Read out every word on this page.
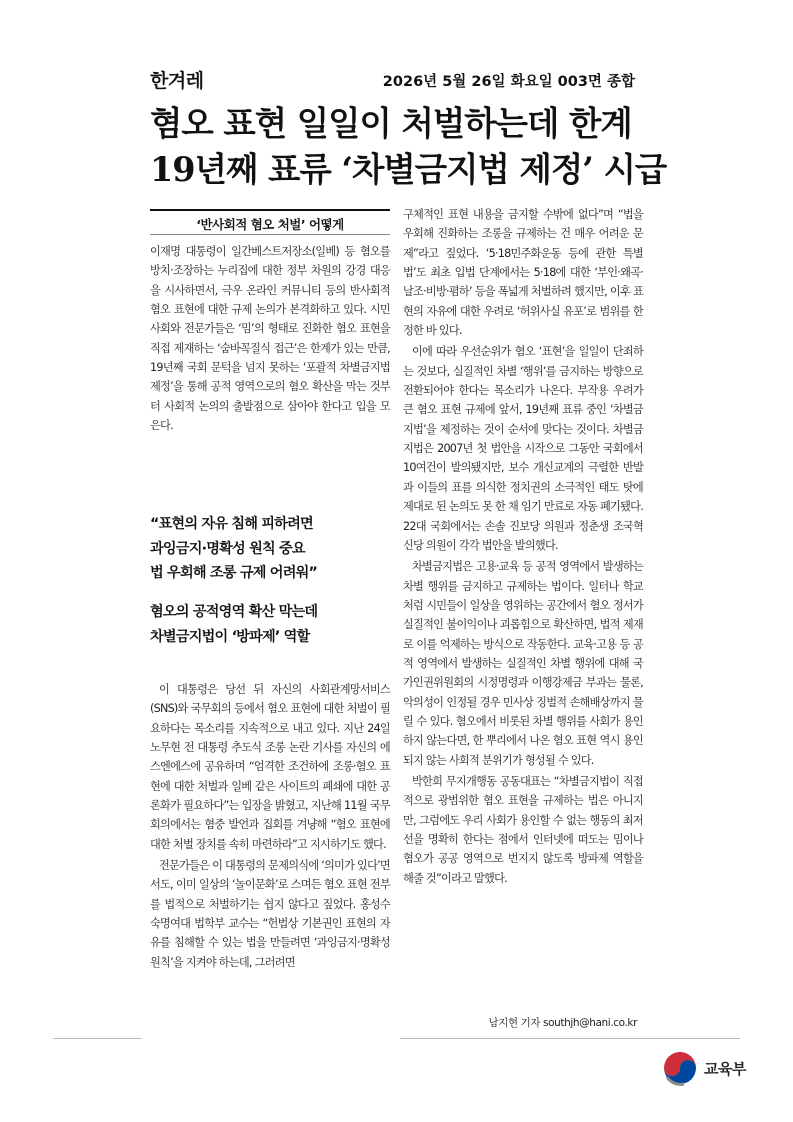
한겨레	2026년 5월 26일 화요일 003면 종합
혐오 표현 일일이 처벌하는데 한계
19년째 표류 ‘차별금지법 제정’ 시급
‘반사회적 혐오 처벌’ 어떻게

이재명 대통령이 일간베스트저장소(일베) 등 혐오를 방치·조장하는 누리집에 대한 정부 차원의 강경 대응을 시사하면서, 극우 온라인 커뮤니티 등의 반사회적 혐오 표현에 대한 규제 논의가 본격화하고 있다. 시민사회와 전문가들은 ‘밈’의 형태로 진화한 혐오 표현을 직접 제재하는 ‘숨바꼭질식 접근’은 한계가 있는 만큼, 19년째 국회 문턱을 넘지 못하는 ‘포괄적 차별금지법 제정’을 통해 공적 영역으로의 혐오 확산을 막는 것부터 사회적 논의의 출발점으로 삼아야 한다고 입을 모은다.

“표현의 자유 침해 피하려면
과잉금지·명확성 원칙 중요
법 우회해 조롱 규제 어려워”
혐오의 공적영역 확산 막는데
차별금지법이 ‘방파제’ 역할

이 대통령은 당선 뒤 자신의 사회관계망서비스(SNS)와 국무회의 등에서 혐오 표현에 대한 처벌이 필요하다는 목소리를 지속적으로 내고 있다. 지난 24일 노무현 전 대통령 추도식 조롱 논란 기사를 자신의 에스엔에스에 공유하며 “엄격한 조건하에 조롱·혐오 표현에 대한 처벌과 일베 같은 사이트의 폐쇄에 대한 공론화가 필요하다”는 입장을 밝혔고, 지난해 11월 국무회의에서는 혐중 발언과 집회를 겨냥해 “혐오 표현에 대한 처벌 장치를 속히 마련하라”고 지시하기도 했다.

전문가들은 이 대통령의 문제의식에 ‘의미가 있다’면서도, 이미 일상의 ‘놀이문화’로 스며든 혐오 표현 전부를 법적으로 처벌하기는 쉽지 않다고 짚었다. 홍성수 숙명여대 법학부 교수는 “헌법상 기본권인 표현의 자유를 침해할 수 있는 법을 만들려면 ‘과잉금지·명확성 원칙’을 지켜야 하는데, 그러려면

구체적인 표현 내용을 금지할 수밖에 없다”며 “법을 우회해 진화하는 조롱을 규제하는 건 매우 어려운 문제”라고 짚었다. ‘5·18민주화운동 등에 관한 특별법’도 최초 입법 단계에서는 5·18에 대한 ‘부인·왜곡·날조·비방·폄하’ 등을 폭넓게 처벌하려 했지만, 이후 표현의 자유에 대한 우려로 ‘허위사실 유포’로 범위를 한정한 바 있다.

이에 따라 우선순위가 혐오 ‘표현’을 일일이 단죄하는 것보다, 실질적인 차별 ‘행위’를 금지하는 방향으로 전환되어야 한다는 목소리가 나온다. 부작용 우려가 큰 혐오 표현 규제에 앞서, 19년째 표류 중인 ‘차별금지법’을 제정하는 것이 순서에 맞다는 것이다. 차별금지법은 2007년 첫 법안을 시작으로 그동안 국회에서 10여건이 발의됐지만, 보수 개신교계의 극렬한 반발과 이들의 표를 의식한 정치권의 소극적인 태도 탓에 제대로 된 논의도 못 한 채 임기 만료로 자동 폐기됐다. 22대 국회에서는 손솔 진보당 의원과 정춘생 조국혁신당 의원이 각각 법안을 발의했다.

차별금지법은 고용·교육 등 공적 영역에서 발생하는 차별 행위를 금지하고 규제하는 법이다. 일터나 학교처럼 시민들이 일상을 영위하는 공간에서 혐오 정서가 실질적인 불이익이나 괴롭힘으로 확산하면, 법적 제재로 이를 억제하는 방식으로 작동한다. 교육·고용 등 공적 영역에서 발생하는 실질적인 차별 행위에 대해 국가인권위원회의 시정명령과 이행강제금 부과는 물론, 악의성이 인정될 경우 민사상 징벌적 손해배상까지 물릴 수 있다. 혐오에서 비롯된 차별 행위를 사회가 용인하지 않는다면, 한 뿌리에서 나온 혐오 표현 역시 용인되지 않는 사회적 분위기가 형성될 수 있다.

박한희 무지개행동 공동대표는 “차별금지법이 직접적으로 광범위한 혐오 표현을 규제하는 법은 아니지만, 그럼에도 우리 사회가 용인할 수 없는 행동의 최저선을 명확히 한다는 점에서 인터넷에 떠도는 밈이나 혐오가 공공 영역으로 번지지 않도록 방파제 역할을 해줄 것”이라고 말했다.

남지현 기자 southjh@hani.co.kr
교육부
